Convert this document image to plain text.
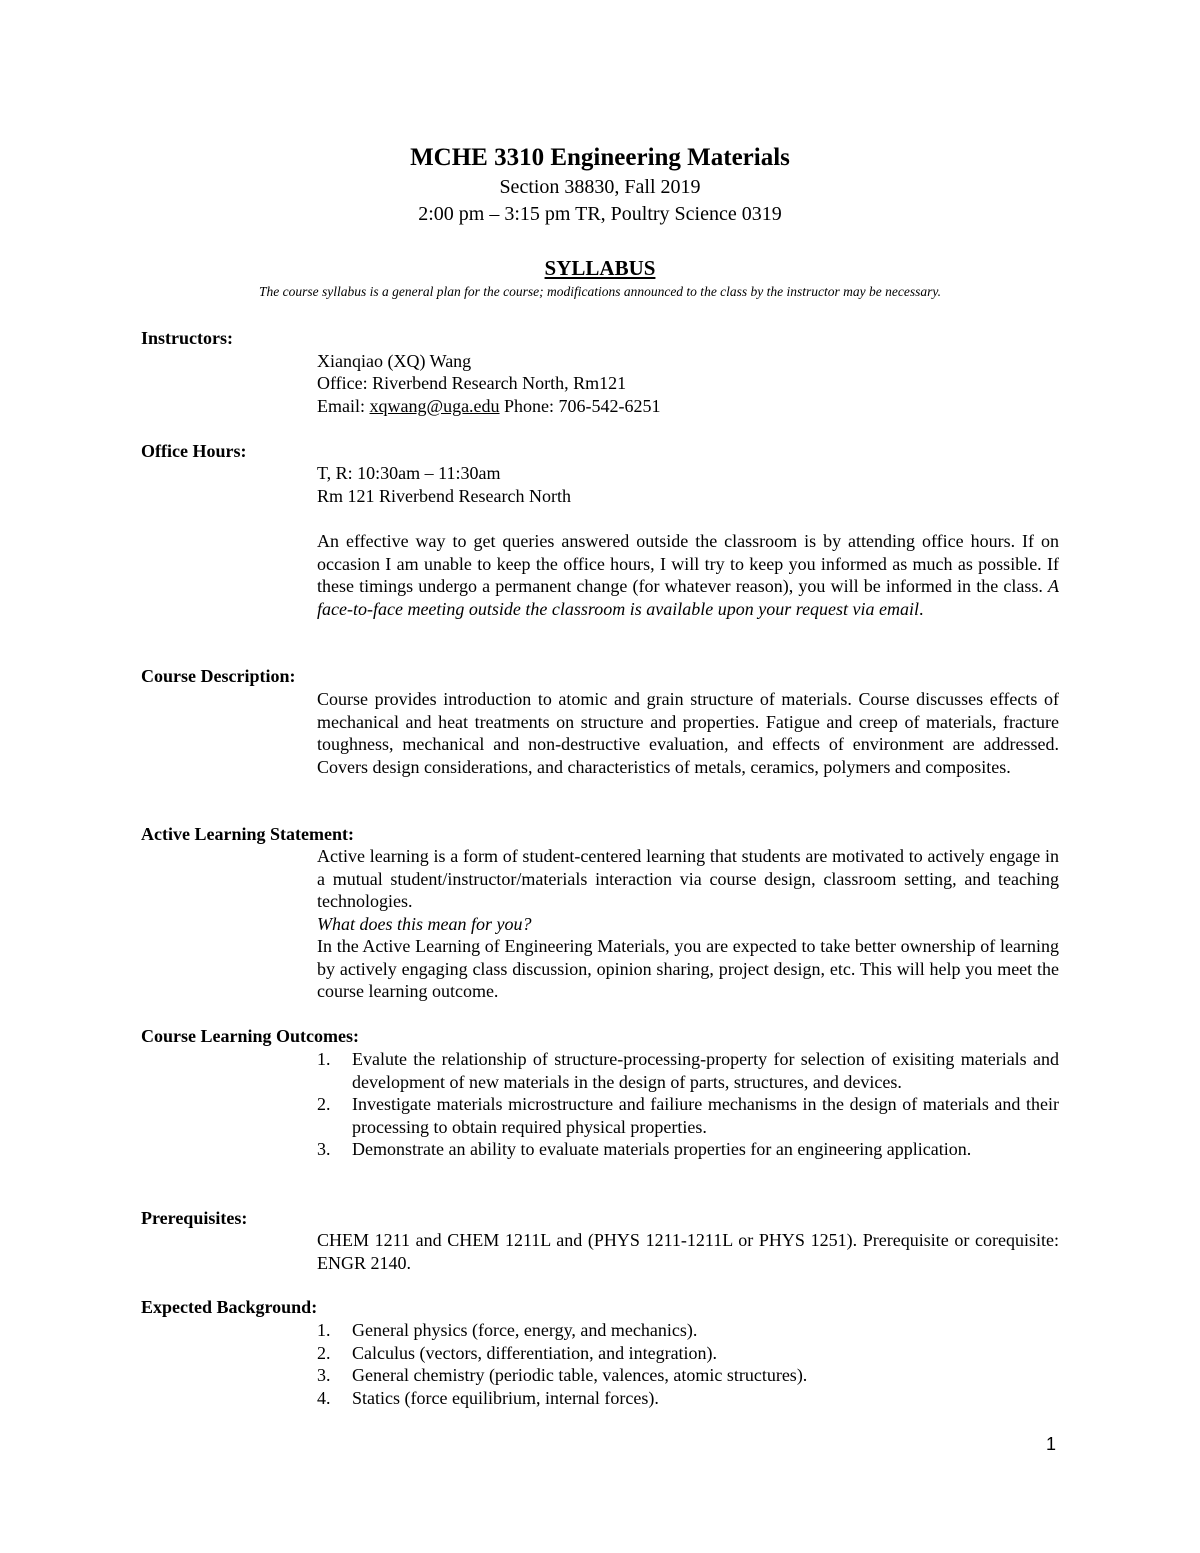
MCHE 3310 Engineering Materials
Section 38830, Fall 2019
2:00 pm – 3:15 pm TR, Poultry Science 0319
SYLLABUS
The course syllabus is a general plan for the course; modifications announced to the class by the instructor may be necessary.
Instructors:
Xianqiao (XQ) Wang
Office: Riverbend Research North, Rm121
Email: xqwang@uga.edu Phone: 706-542-6251
Office Hours:
T, R: 10:30am – 11:30am
Rm 121 Riverbend Research North
An effective way to get queries answered outside the classroom is by attending office hours. If on occasion I am unable to keep the office hours, I will try to keep you informed as much as possible. If these timings undergo a permanent change (for whatever reason), you will be informed in the class. A face-to-face meeting outside the classroom is available upon your request via email.
Course Description:
Course provides introduction to atomic and grain structure of materials. Course discusses effects of mechanical and heat treatments on structure and properties. Fatigue and creep of materials, fracture toughness, mechanical and non-destructive evaluation, and effects of environment are addressed. Covers design considerations, and characteristics of metals, ceramics, polymers and composites.
Active Learning Statement:
Active learning is a form of student-centered learning that students are motivated to actively engage in a mutual student/instructor/materials interaction via course design, classroom setting, and teaching technologies.
What does this mean for you?
In the Active Learning of Engineering Materials, you are expected to take better ownership of learning by actively engaging class discussion, opinion sharing, project design, etc. This will help you meet the course learning outcome.
Course Learning Outcomes:
1. Evalute the relationship of structure-processing-property for selection of exisiting materials and development of new materials in the design of parts, structures, and devices.
2. Investigate materials microstructure and failiure mechanisms in the design of materials and their processing to obtain required physical properties.
3. Demonstrate an ability to evaluate materials properties for an engineering application.
Prerequisites:
CHEM 1211 and CHEM 1211L and (PHYS 1211-1211L or PHYS 1251). Prerequisite or corequisite: ENGR 2140.
Expected Background:
1. General physics (force, energy, and mechanics).
2. Calculus (vectors, differentiation, and integration).
3. General chemistry (periodic table, valences, atomic structures).
4. Statics (force equilibrium, internal forces).
1
